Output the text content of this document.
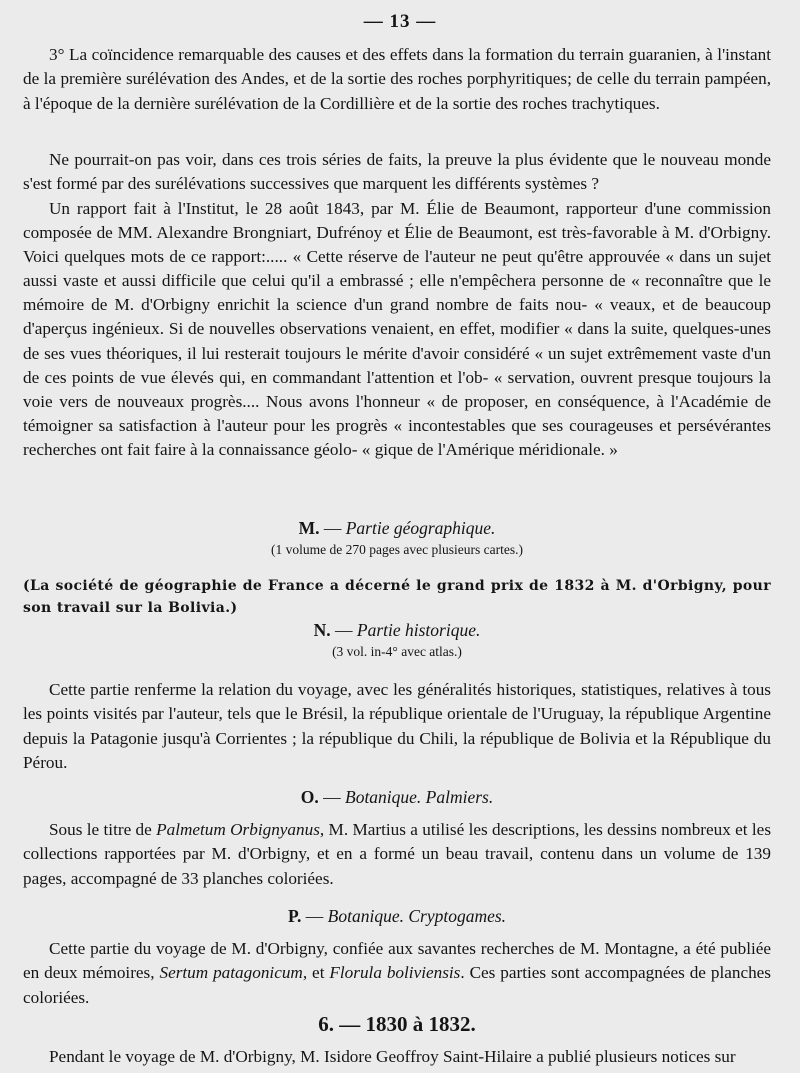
— 13 —

3° La coïncidence remarquable des causes et des effets dans la formation du terrain guaranien, à l'instant de la première surélévation des Andes, et de la sortie des roches porphyritiques; de celle du terrain pampéen, à l'époque de la dernière surélévation de la Cordillière et de la sortie des roches trachytiques.

Ne pourrait-on pas voir, dans ces trois séries de faits, la preuve la plus évidente que le nouveau monde s'est formé par des surélévations successives que marquent les différents systèmes ?

Un rapport fait à l'Institut, le 28 août 1843, par M. Élie de Beaumont, rapporteur d'une commission composée de MM. Alexandre Brongniart, Dufrénoy et Élie de Beaumont, est très-favorable à M. d'Orbigny. Voici quelques mots de ce rapport:..... « Cette réserve de l'auteur ne peut qu'être approuvée « dans un sujet aussi vaste et aussi difficile que celui qu'il a embrassé ; elle n'empêchera personne de « reconnaître que le mémoire de M. d'Orbigny enrichit la science d'un grand nombre de faits nou- « veaux, et de beaucoup d'aperçus ingénieux. Si de nouvelles observations venaient, en effet, modifier « dans la suite, quelques-unes de ses vues théoriques, il lui resterait toujours le mérite d'avoir considéré « un sujet extrêmement vaste d'un de ces points de vue élevés qui, en commandant l'attention et l'ob- « servation, ouvrent presque toujours la voie vers de nouveaux progrès.... Nous avons l'honneur « de proposer, en conséquence, à l'Académie de témoigner sa satisfaction à l'auteur pour les progrès « incontestables que ses courageuses et persévérantes recherches ont fait faire à la connaissance géolo- « gique de l'Amérique méridionale. »

M. — Partie géographique.

(1 volume de 270 pages avec plusieurs cartes.)

(La société de géographie de France a décerné le grand prix de 1832 à M. d'Orbigny, pour son travail sur la Bolivia.)

N. — Partie historique.

(3 vol. in-4° avec atlas.)

Cette partie renferme la relation du voyage, avec les généralités historiques, statistiques, relatives à tous les points visités par l'auteur, tels que le Brésil, la république orientale de l'Uruguay, la république Argentine depuis la Patagonie jusqu'à Corrientes ; la république du Chili, la république de Bolivia et la République du Pérou.

O. — Botanique. Palmiers.

Sous le titre de Palmetum Orbignyanus, M. Martius a utilisé les descriptions, les dessins nombreux et les collections rapportées par M. d'Orbigny, et en a formé un beau travail, contenu dans un volume de 139 pages, accompagné de 33 planches coloriées.

P. — Botanique. Cryptogames.

Cette partie du voyage de M. d'Orbigny, confiée aux savantes recherches de M. Montagne, a été publiée en deux mémoires, Sertum patagonicum, et Florula boliviensis. Ces parties sont accompagnées de planches coloriées.

6. — 1830 à 1832.

Pendant le voyage de M. d'Orbigny, M. Isidore Geoffroy Saint-Hilaire a publié plusieurs notices sur
